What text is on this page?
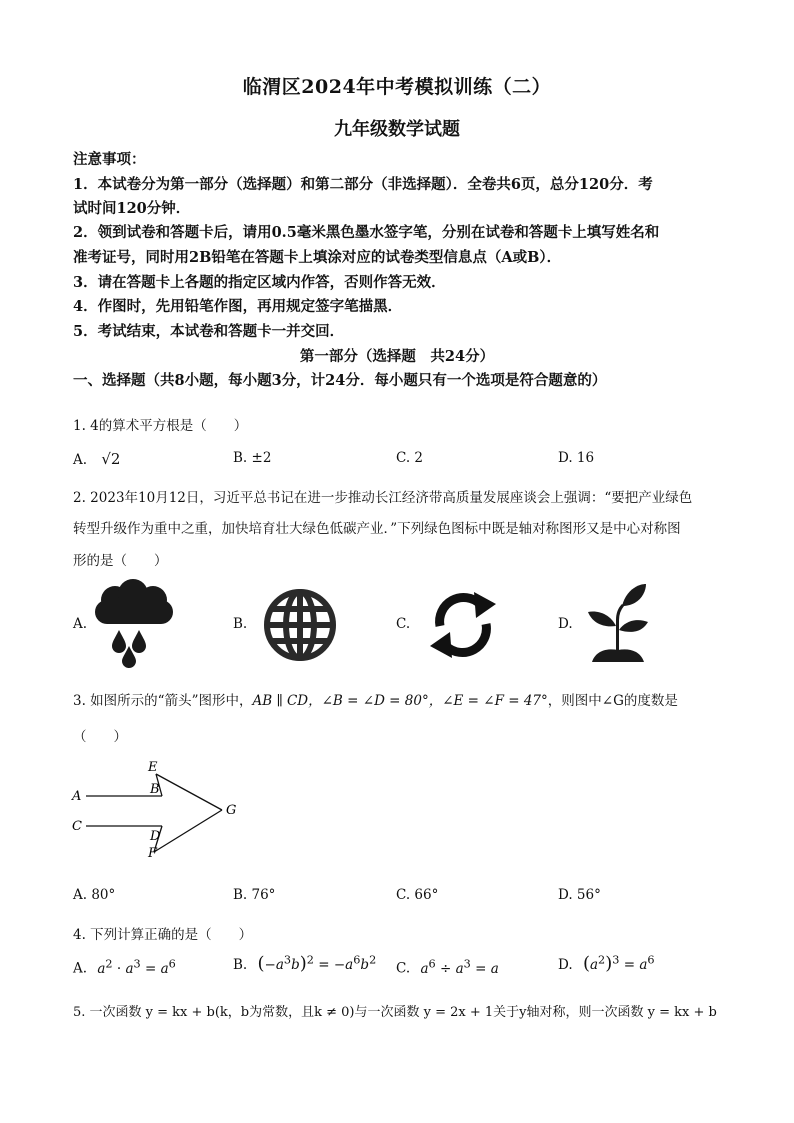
临渭区2024年中考模拟训练（二）
九年级数学试题
注意事项：
1．本试卷分为第一部分（选择题）和第二部分（非选择题）．全卷共6页，总分120分．考
试时间120分钟．
2．领到试卷和答题卡后，请用0.5毫米黑色墨水签字笔，分别在试卷和答题卡上填写姓名和
准考证号，同时用2B铅笔在答题卡上填涂对应的试卷类型信息点（A或B）．
3．请在答题卡上各题的指定区域内作答，否则作答无效．
4．作图时，先用铅笔作图，再用规定签字笔描黑．
5．考试结束，本试卷和答题卡一并交回．
第一部分（选择题　共24分）
一、选择题（共8小题，每小题3分，计24分．每小题只有一个选项是符合题意的）
1. 4的算术平方根是（　　）
A. √2	B. ±2	C. 2	D. 16
2. 2023年10月12日，习近平总书记在进一步推动长江经济带高质量发展座谈会上强调：“要把产业绿色
转型升级作为重中之重，加快培育壮大绿色低碳产业．”下列绿色图标中既是轴对称图形又是中心对称图
形的是（　　）
A.	B.	C.	D.
3. 如图所示的“箭头”图形中，AB ∥ CD，∠B = ∠D = 80°，∠E = ∠F = 47°，则图中∠G的度数是
（　　）
E
B
A
G
C
D
F
A. 80°	B. 76°	C. 66°	D. 56°
4. 下列计算正确的是（　　）
A. $a^2 \cdot a^3 = a^6$	B. $(-a^3b)^2 = -a^6b^2$
C. $a^6 \div a^3 = a$	D. $(a^2)^3 = a^6$
5. 一次函数 y = kx + b(k，b为常数，且k ≠ 0)与一次函数 y = 2x + 1关于y轴对称，则一次函数 y = kx + b
